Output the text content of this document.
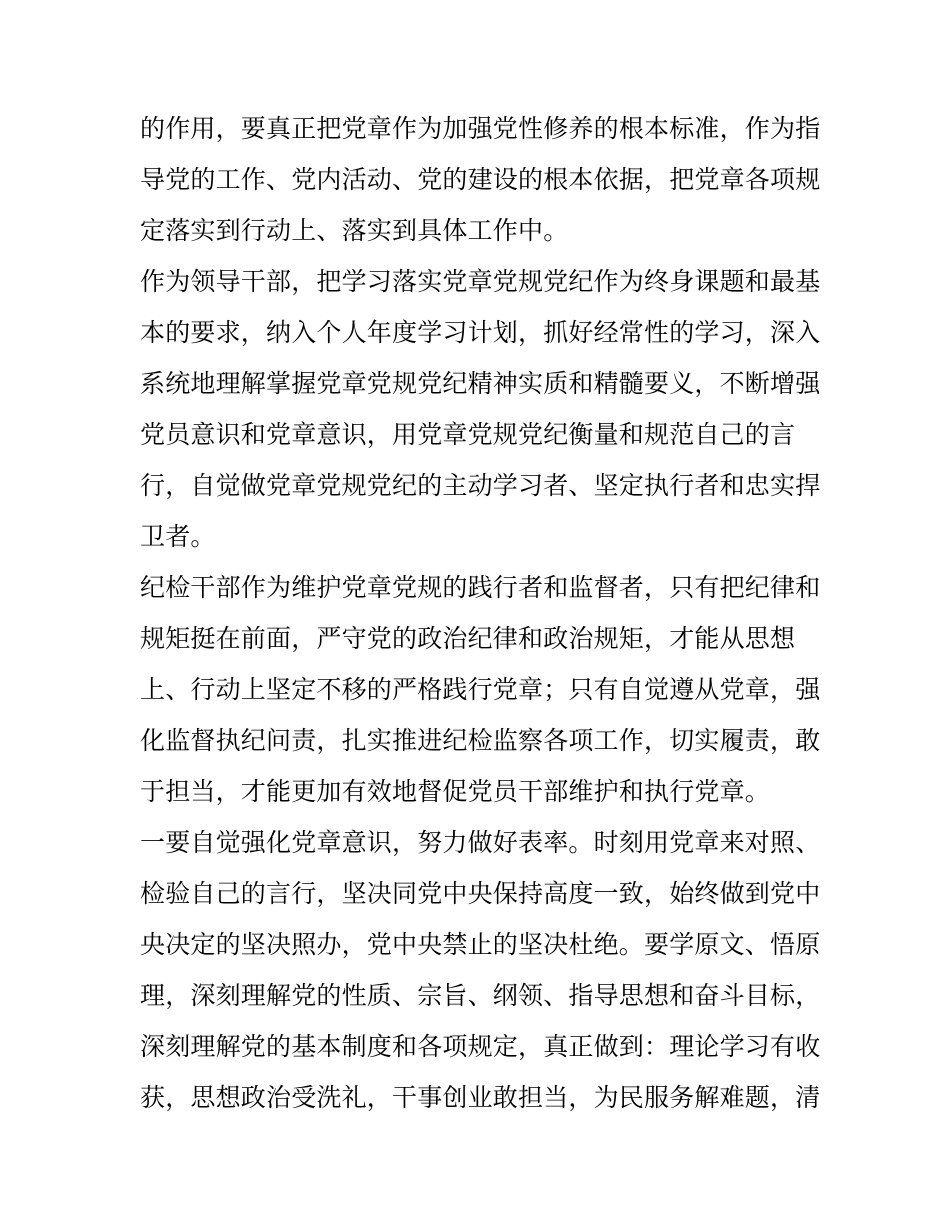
的作用，要真正把党章作为加强党性修养的根本标准，作为指
导党的工作、党内活动、党的建设的根本依据，把党章各项规
定落实到行动上、落实到具体工作中。
作为领导干部，把学习落实党章党规党纪作为终身课题和最基
本的要求，纳入个人年度学习计划，抓好经常性的学习，深入
系统地理解掌握党章党规党纪精神实质和精髓要义，不断增强
党员意识和党章意识，用党章党规党纪衡量和规范自己的言
行，自觉做党章党规党纪的主动学习者、坚定执行者和忠实捍
卫者。
纪检干部作为维护党章党规的践行者和监督者，只有把纪律和
规矩挺在前面，严守党的政治纪律和政治规矩，才能从思想
上、行动上坚定不移的严格践行党章；只有自觉遵从党章，强
化监督执纪问责，扎实推进纪检监察各项工作，切实履责，敢
于担当，才能更加有效地督促党员干部维护和执行党章。
一要自觉强化党章意识，努力做好表率。时刻用党章来对照、
检验自己的言行，坚决同党中央保持高度一致，始终做到党中
央决定的坚决照办，党中央禁止的坚决杜绝。要学原文、悟原
理，深刻理解党的性质、宗旨、纲领、指导思想和奋斗目标，
深刻理解党的基本制度和各项规定，真正做到：理论学习有收
获，思想政治受洗礼，干事创业敢担当，为民服务解难题，清
